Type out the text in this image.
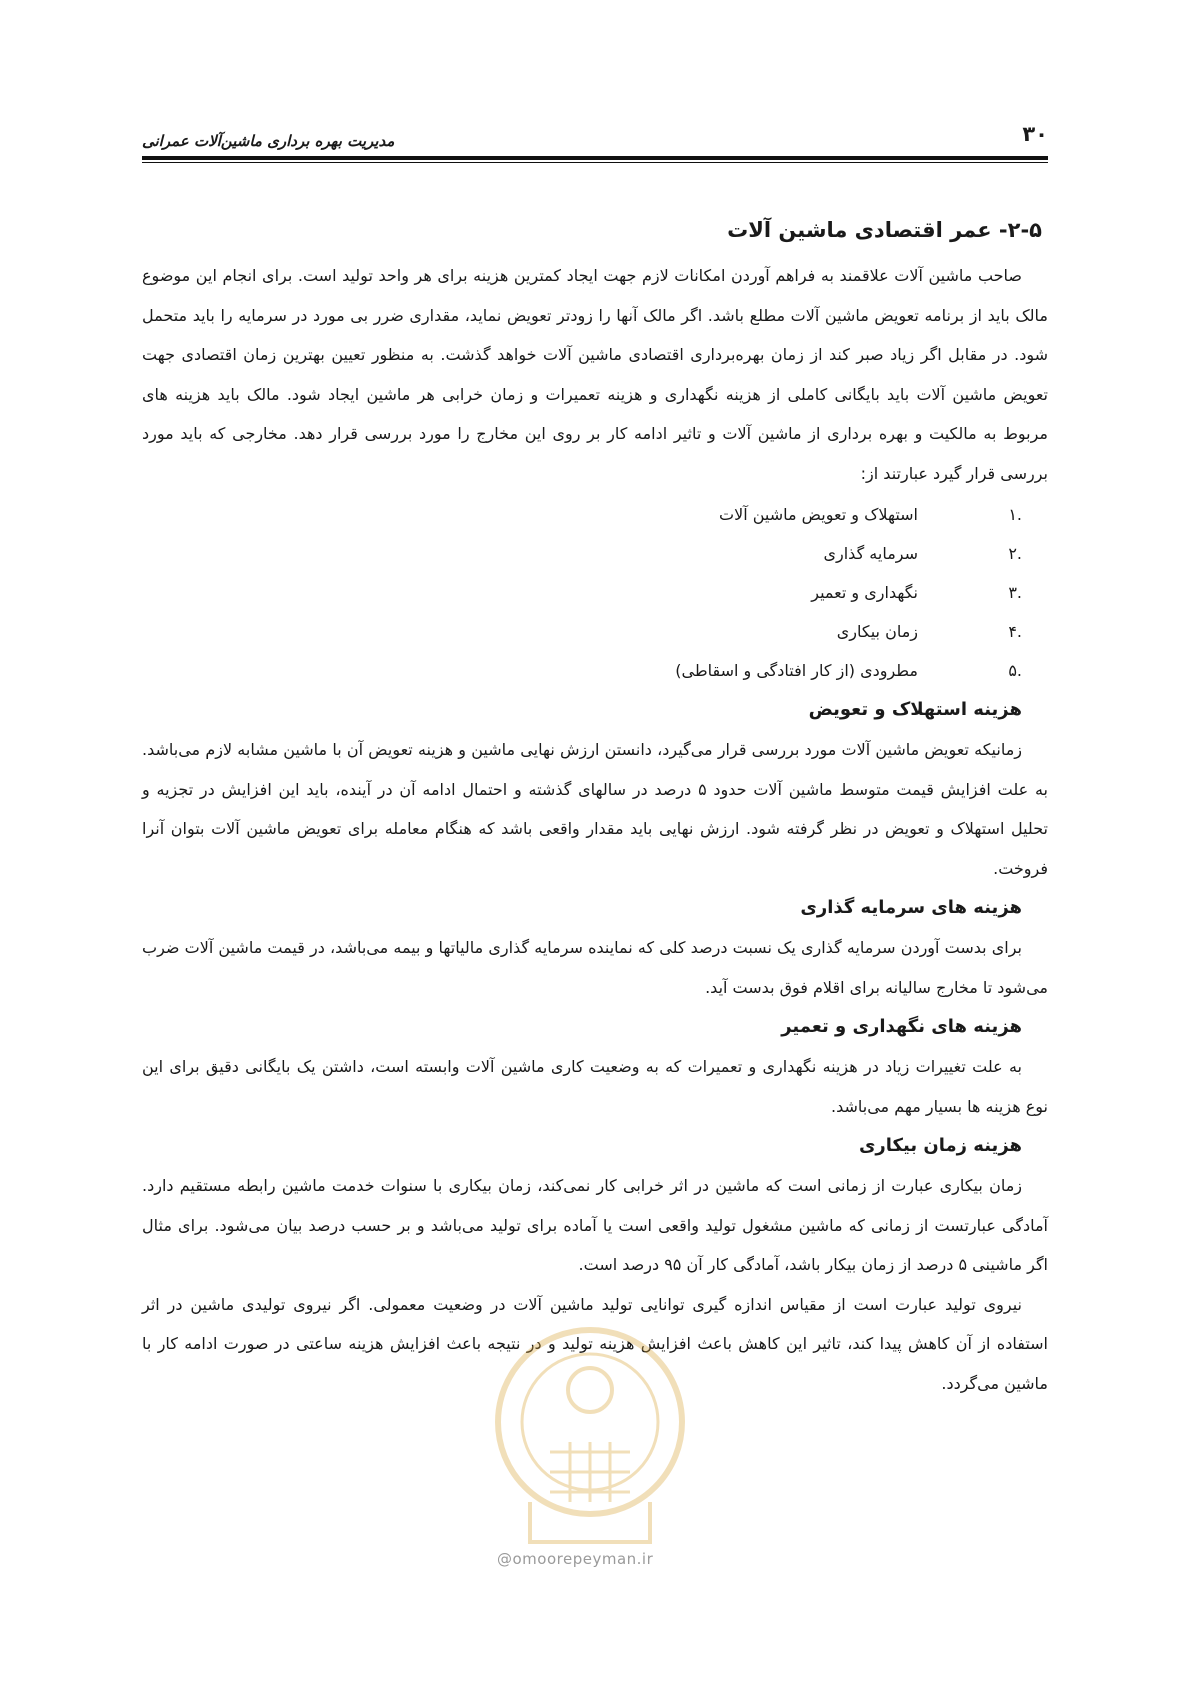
۳۰
مدیریت بهره برداری ماشین‌آلات عمرانی
۲-۵- عمر اقتصادی ماشین آلات

صاحب ماشین آلات علاقمند به فراهم آوردن امکانات لازم جهت ایجاد کمترین هزینه برای هر واحد تولید است. برای انجام این موضوع مالک باید از برنامه تعویض ماشین آلات مطلع باشد. اگر مالک آنها را زودتر تعویض نماید، مقداری ضرر بی مورد در سرمایه را باید متحمل شود. در مقابل اگر زیاد صبر کند از زمان بهره‌برداری اقتصادی ماشین آلات خواهد گذشت. به منظور تعیین بهترین زمان اقتصادی جهت تعویض ماشین آلات باید بایگانی کاملی از هزینه نگهداری و هزینه تعمیرات و زمان خرابی هر ماشین ایجاد شود. مالک باید هزینه های مربوط به مالکیت و بهره برداری از ماشین آلات و تاثیر ادامه کار بر روی این مخارج را مورد بررسی قرار دهد. مخارجی که باید مورد بررسی قرار گیرد عبارتند از:

.۱استهلاک و تعویض ماشین آلات
.۲سرمایه گذاری
.۳نگهداری و تعمیر
.۴زمان بیکاری
.۵مطرودی (از کار افتادگی و اسقاطی)
هزینه استهلاک و تعویض

زمانیکه تعویض ماشین آلات مورد بررسی قرار می‌گیرد، دانستن ارزش نهایی ماشین و هزینه تعویض آن با ماشین مشابه لازم می‌باشد. به علت افزایش قیمت متوسط ماشین آلات حدود ۵ درصد در سالهای گذشته و احتمال ادامه آن در آینده، باید این افزایش در تجزیه و تحلیل استهلاک و تعویض در نظر گرفته شود. ارزش نهایی باید مقدار واقعی باشد که هنگام معامله برای تعویض ماشین آلات بتوان آنرا فروخت.

هزینه های سرمایه گذاری

برای بدست آوردن سرمایه گذاری یک نسبت درصد کلی که نماینده سرمایه گذاری مالیاتها و بیمه می‌باشد، در قیمت ماشین آلات ضرب می‌شود تا مخارج سالیانه برای اقلام فوق بدست آید.

هزینه های نگهداری و تعمیر

به علت تغییرات زیاد در هزینه نگهداری و تعمیرات که به وضعیت کاری ماشین آلات وابسته است، داشتن یک بایگانی دقیق برای این نوع هزینه ها بسیار مهم می‌باشد.

هزینه زمان بیکاری

زمان بیکاری عبارت از زمانی است که ماشین در اثر خرابی کار نمی‌کند، زمان بیکاری با سنوات خدمت ماشین رابطه مستقیم دارد. آمادگی عبارتست از زمانی که ماشین مشغول تولید واقعی است یا آماده برای تولید می‌باشد و بر حسب درصد بیان می‌شود. برای مثال اگر ماشینی ۵ درصد از زمان بیکار باشد، آمادگی کار آن ۹۵ درصد است.

نیروی تولید عبارت است از مقیاس اندازه گیری توانایی تولید ماشین آلات در وضعیت معمولی. اگر نیروی تولیدی ماشین در اثر استفاده از آن کاهش پیدا کند، تاثیر این کاهش باعث افزایش هزینه تولید و در نتیجه باعث افزایش هزینه ساعتی در صورت ادامه کار با ماشین می‌گردد.

@omoorepeyman.ir
